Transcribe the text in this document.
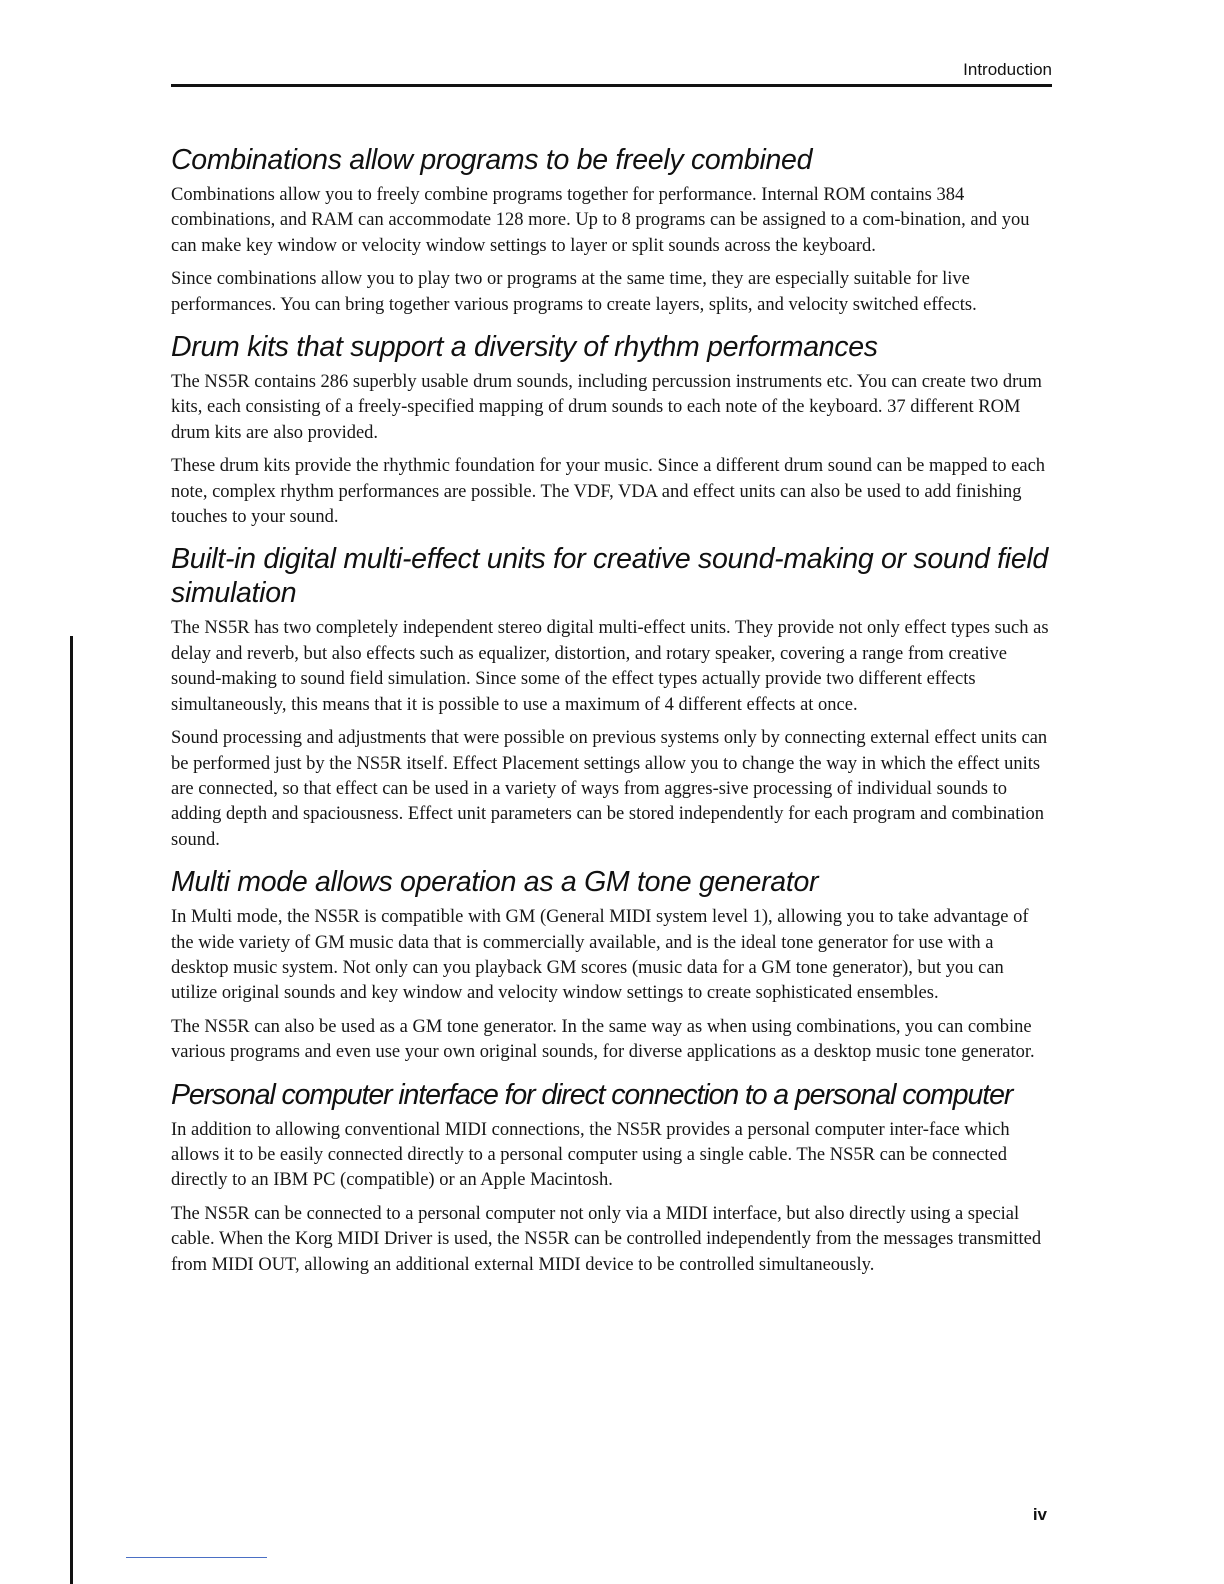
Introduction
Combinations allow programs to be freely combined

Combinations allow you to freely combine programs together for performance. Internal ROM contains 384 combinations, and RAM can accommodate 128 more. Up to 8 programs can be assigned to a com-bination, and you can make key window or velocity window settings to layer or split sounds across the keyboard.

Since combinations allow you to play two or programs at the same time, they are especially suitable for live performances. You can bring together various programs to create layers, splits, and velocity switched effects.

Drum kits that support a diversity of rhythm performances

The NS5R contains 286 superbly usable drum sounds, including percussion instruments etc. You can create two drum kits, each consisting of a freely-specified mapping of drum sounds to each note of the keyboard. 37 different ROM drum kits are also provided.

These drum kits provide the rhythmic foundation for your music. Since a different drum sound can be mapped to each note, complex rhythm performances are possible. The VDF, VDA and effect units can also be used to add finishing touches to your sound.

Built-in digital multi-effect units for creative sound-making or sound field simulation

The NS5R has two completely independent stereo digital multi-effect units. They provide not only effect types such as delay and reverb, but also effects such as equalizer, distortion, and rotary speaker, covering a range from creative sound-making to sound field simulation. Since some of the effect types actually provide two different effects simultaneously, this means that it is possible to use a maximum of 4 different effects at once.

Sound processing and adjustments that were possible on previous systems only by connecting external effect units can be performed just by the NS5R itself. Effect Placement settings allow you to change the way in which the effect units are connected, so that effect can be used in a variety of ways from aggres-sive processing of individual sounds to adding depth and spaciousness. Effect unit parameters can be stored independently for each program and combination sound.

Multi mode allows operation as a GM tone generator

In Multi mode, the NS5R is compatible with GM (General MIDI system level 1), allowing you to take advantage of the wide variety of GM music data that is commercially available, and is the ideal tone generator for use with a desktop music system. Not only can you playback GM scores (music data for a GM tone generator), but you can utilize original sounds and key window and velocity window settings to create sophisticated ensembles.

The NS5R can also be used as a GM tone generator. In the same way as when using combinations, you can combine various programs and even use your own original sounds, for diverse applications as a desktop music tone generator.

Personal computer interface for direct connection to a personal computer

In addition to allowing conventional MIDI connections, the NS5R provides a personal computer inter-face which allows it to be easily connected directly to a personal computer using a single cable. The NS5R can be connected directly to an IBM PC (compatible) or an Apple Macintosh.

The NS5R can be connected to a personal computer not only via a MIDI interface, but also directly using a special cable. When the Korg MIDI Driver is used, the NS5R can be controlled independently from the messages transmitted from MIDI OUT, allowing an additional external MIDI device to be controlled simultaneously.

iv
